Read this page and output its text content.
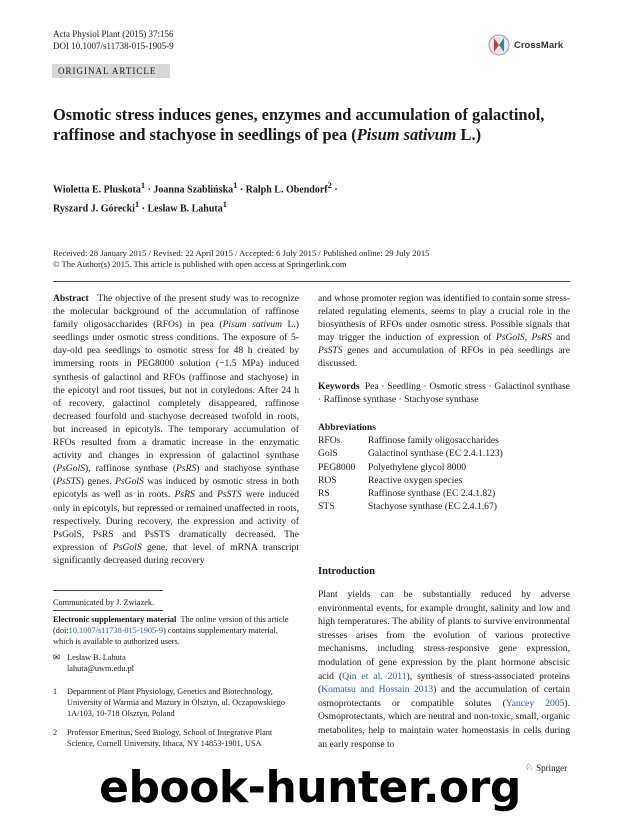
Acta Physiol Plant (2015) 37:156
DOI 10.1007/s11738-015-1905-9	CrossMark
ORIGINAL ARTICLE
Osmotic stress induces genes, enzymes and accumulation of galactinol, raffinose and stachyose in seedlings of pea (Pisum sativum L.)
Wioletta E. Pluskota$^1$ · Joanna Szablińska$^1$ · Ralph L. Obendorf$^2$ ·
Ryszard J. Górecki$^1$ · Lesław B. Lahuta$^1$
Received: 28 January 2015 / Revised: 22 April 2015 / Accepted: 6 July 2015 / Published online: 29 July 2015
© The Author(s) 2015. This article is published with open access at Springerlink.com
Abstract   The objective of the present study was to recognize the molecular background of the accumulation of raffinose family oligosaccharides (RFOs) in pea (Pisum sativum L.) seedlings under osmotic stress conditions. The exposure of 5-day-old pea seedlings to osmotic stress for 48 h created by immersing roots in PEG8000 solution (−1.5 MPa) induced synthesis of galactinol and RFOs (raffinose and stachyose) in the epicotyl and root tissues, but not in cotyledons. After 24 h of recovery, galactinol completely disappeared, raffinose decreased fourfold and stachyose decreased twofold in roots, but increased in epicotyls. The temporary accumulation of RFOs resulted from a dramatic increase in the enzymatic activity and changes in expression of galactinol synthase (PsGolS), raffinose synthase (PsRS) and stachyose synthase (PsSTS) genes. PsGolS was induced by osmotic stress in both epicotyls as well as in roots. PsRS and PsSTS were induced only in epicotyls, but repressed or remained unaffected in roots, respectively. During recovery, the expression and activity of PsGolS, PsRS and PsSTS dramatically decreased. The expression of PsGolS gene, that level of mRNA transcript significantly decreased during recovery
and whose promoter region was identified to contain some stress-related regulating elements, seems to play a crucial role in the biosynthesis of RFOs under osmotic stress. Possible signals that may trigger the induction of expression of PsGolS, PsRS and PsSTS genes and accumulation of RFOs in pea seedlings are discussed.
Keywords Pea · Seedling · Osmotic stress · Galactinol synthase · Raffinose synthase · Stachyose synthase
Abbreviations
RFOs	Raffinose family oligosaccharides
GolS	Galactinol synthase (EC 2.4.1.123)
PEG8000	Polyethylene glycol 8000
ROS	Reactive oxygen species
RS	Raffinose synthase (EC 2.4.1.82)
STS	Stachyose synthase (EC 2.4.1.67)
Introduction
Plant yields can be substantially reduced by adverse environmental events, for example drought, salinity and low and high temperatures. The ability of plants to survive environmental stresses arises from the evolution of various protective mechanisms, including stress-responsive gene expression, modulation of gene expression by the plant hormone abscisic acid (Qin et al. 2011), synthesis of stress-associated proteins (Komatsu and Hossain 2013) and the accumulation of certain osmoprotectants or compatible solutes (Yancey 2005). Osmoprotectants, which are neutral and non-toxic, small, organic metabolites, help to maintain water homeostasis in cells during an early response to
Communicated by J. Zwiazek.
Electronic supplementary material  The online version of this article (doi:10.1007/s11738-015-1905-9) contains supplementary material, which is available to authorized users.
✉ Lesław B. Lahuta
lahuta@uwm.edu.pl
1	Department of Plant Physiology, Genetics and Biotechnology, University of Warmia and Mazury in Olsztyn, ul. Oczapowskiego 1A/103, 10-718 Olsztyn, Poland
2	Professor Emeritus, Seed Biology, School of Integrative Plant Science, Cornell University, Ithaca, NY 14853-1901, USA
♘ Springer
ebook-hunter.org
